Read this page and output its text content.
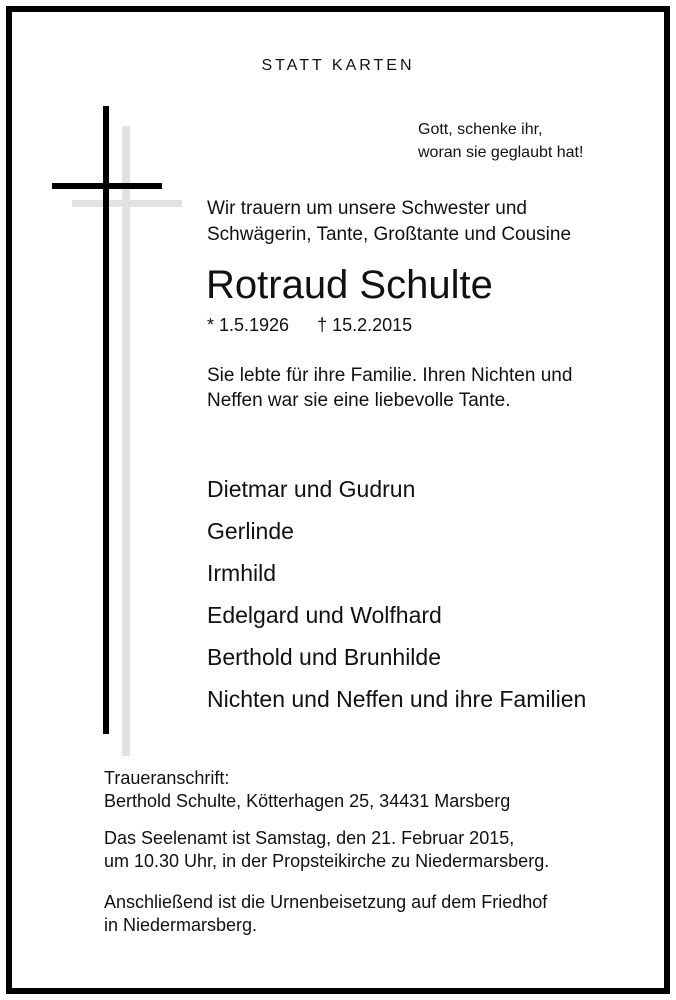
STATT KARTEN
Gott, schenke ihr,
woran sie geglaubt hat!
Wir trauern um unsere Schwester und
Schwägerin, Tante, Großtante und Cousine
Rotraud Schulte
* 1.5.1926 † 15.2.2015
Sie lebte für ihre Familie. Ihren Nichten und
Neffen war sie eine liebevolle Tante.
Dietmar und Gudrun
Gerlinde
Irmhild
Edelgard und Wolfhard
Berthold und Brunhilde
Nichten und Neffen und ihre Familien
Traueranschrift:
Berthold Schulte, Kötterhagen 25, 34431 Marsberg
Das Seelenamt ist Samstag, den 21. Februar 2015,
um 10.30 Uhr, in der Propsteikirche zu Niedermarsberg.
Anschließend ist die Urnenbeisetzung auf dem Friedhof
in Niedermarsberg.
